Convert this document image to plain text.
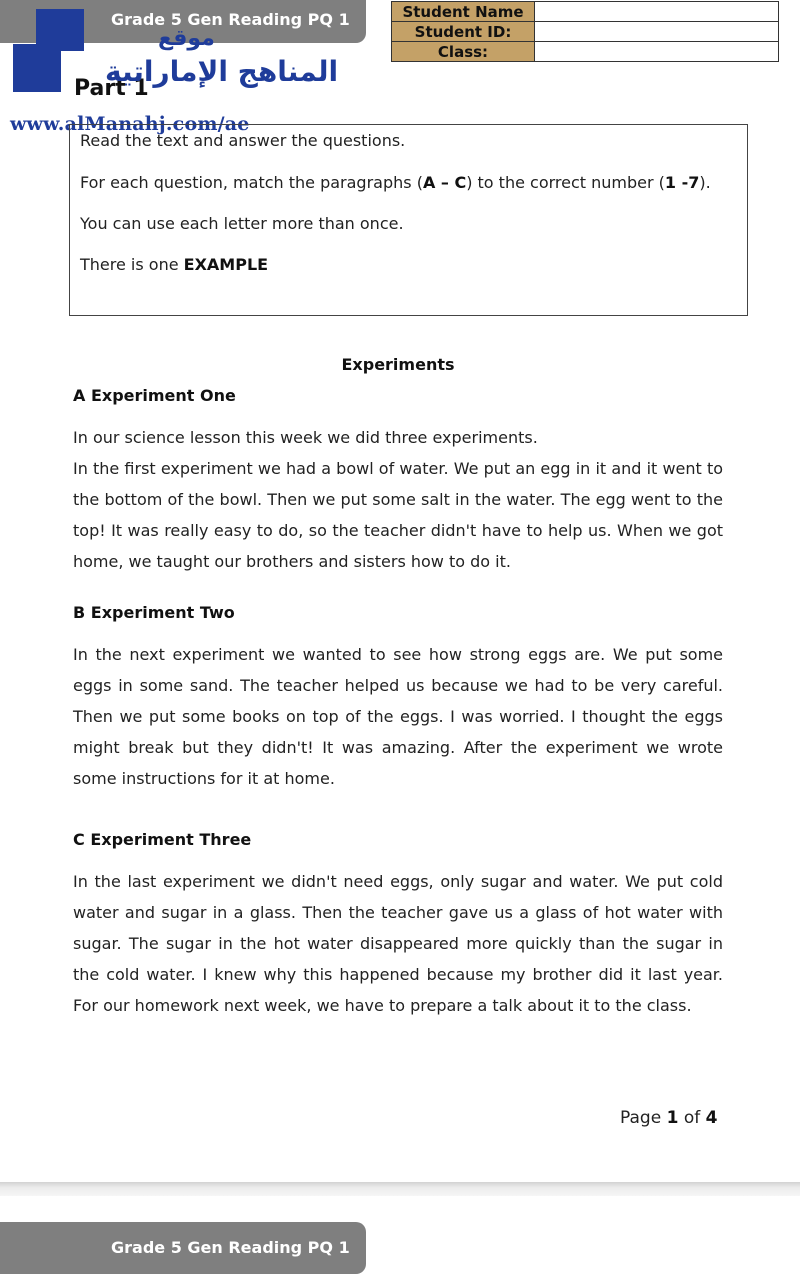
Grade 5 Gen Reading PQ 1
موقع
Part 1
المناهج الإماراتية
www.alManahj.com/ae
Student Name	
Student ID:	
Class:	
Read the text and answer the questions.
For each question, match the paragraphs (A – C) to the correct number (1 -7).
You can use each letter more than once.
There is one EXAMPLE
Experiments
A Experiment One

In our science lesson this week we did three experiments.

In the first experiment we had a bowl of water. We put an egg in it and it went to the bottom of the bowl. Then we put some salt in the water. The egg went to the top! It was really easy to do, so the teacher didn't have to help us. When we got home, we taught our brothers and sisters how to do it.

B Experiment Two

In the next experiment we wanted to see how strong eggs are. We put some eggs in some sand. The teacher helped us because we had to be very careful. Then we put some books on top of the eggs. I was worried. I thought the eggs might break but they didn't! It was amazing. After the experiment we wrote some instructions for it at home.

C Experiment Three

In the last experiment we didn't need eggs, only sugar and water. We put cold water and sugar in a glass. Then the teacher gave us a glass of hot water with sugar. The sugar in the hot water disappeared more quickly than the sugar in the cold water. I knew why this happened because my brother did it last year. For our homework next week, we have to prepare a talk about it to the class.

Page 1 of 4
Grade 5 Gen Reading PQ 1
